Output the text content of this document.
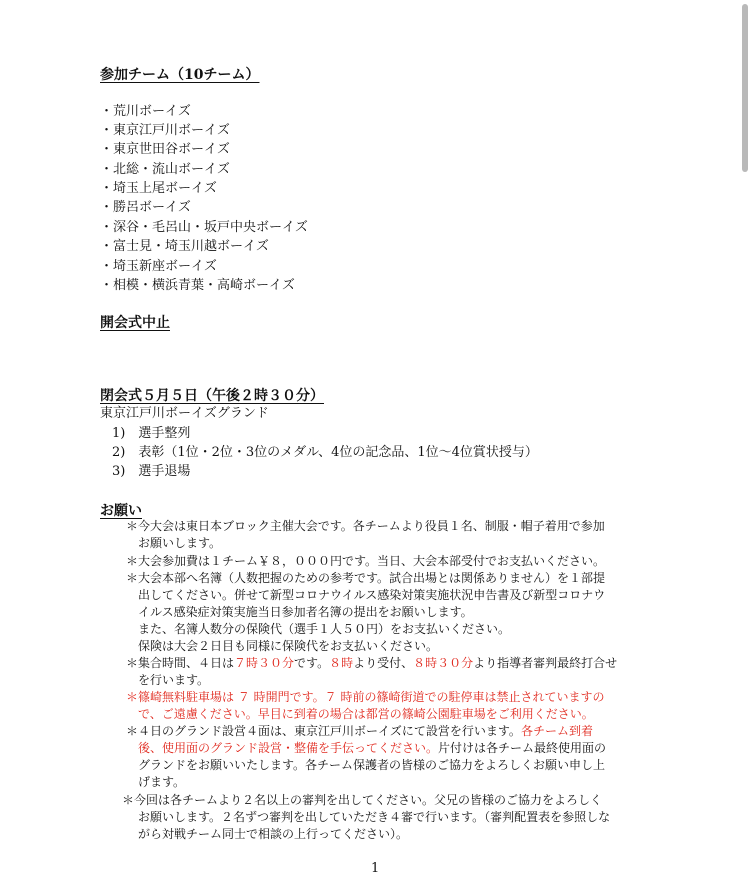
参加チーム（10チーム）
・荒川ボーイズ
・東京江戸川ボーイズ
・東京世田谷ボーイズ
・北総・流山ボーイズ
・埼玉上尾ボーイズ
・勝呂ボーイズ
・深谷・毛呂山・坂戸中央ボーイズ
・富士見・埼玉川越ボーイズ
・埼玉新座ボーイズ
・相模・横浜青葉・高崎ボーイズ
開会式中止
閉会式５月５日（午後２時３０分）
東京江戸川ボーイズグランド
1)　選手整列
2)　表彰（1位・2位・3位のメダル、4位の記念品、1位〜4位賞状授与）
3)　選手退場
お願い
＊今大会は東日本ブロック主催大会です。各チームより役員１名、制服・帽子着用で参加
お願いします。
＊大会参加費は１チーム￥８，０００円です。当日、大会本部受付でお支払いください。
＊大会本部へ名簿（人数把握のための参考です。試合出場とは関係ありません）を１部提
出してください。併せて新型コロナウイルス感染対策実施状況申告書及び新型コロナウ
イルス感染症対策実施当日参加者名簿の提出をお願いします。
また、名簿人数分の保険代（選手１人５０円）をお支払いください。
保険は大会２日目も同様に保険代をお支払いください。
＊集合時間、４日は７時３０分です。８時より受付、８時３０分より指導者審判最終打合せ
を行います。
＊篠崎無料駐車場は ７ 時開門です。７ 時前の篠崎街道での駐停車は禁止されていますの
で、ご遠慮ください。早目に到着の場合は都営の篠崎公園駐車場をご利用ください。
＊４日のグランド設営４面は、東京江戸川ボーイズにて設営を行います。各チーム到着
後、使用面のグランド設営・整備を手伝ってください。片付けは各チーム最終使用面の
グランドをお願いいたします。各チーム保護者の皆様のご協力をよろしくお願い申し上
げます。
＊今回は各チームより２名以上の審判を出してください。父兄の皆様のご協力をよろしく
お願いします。２名ずつ審判を出していただき４審で行います。（審判配置表を参照しな
がら対戦チーム同士で相談の上行ってください）。
1
